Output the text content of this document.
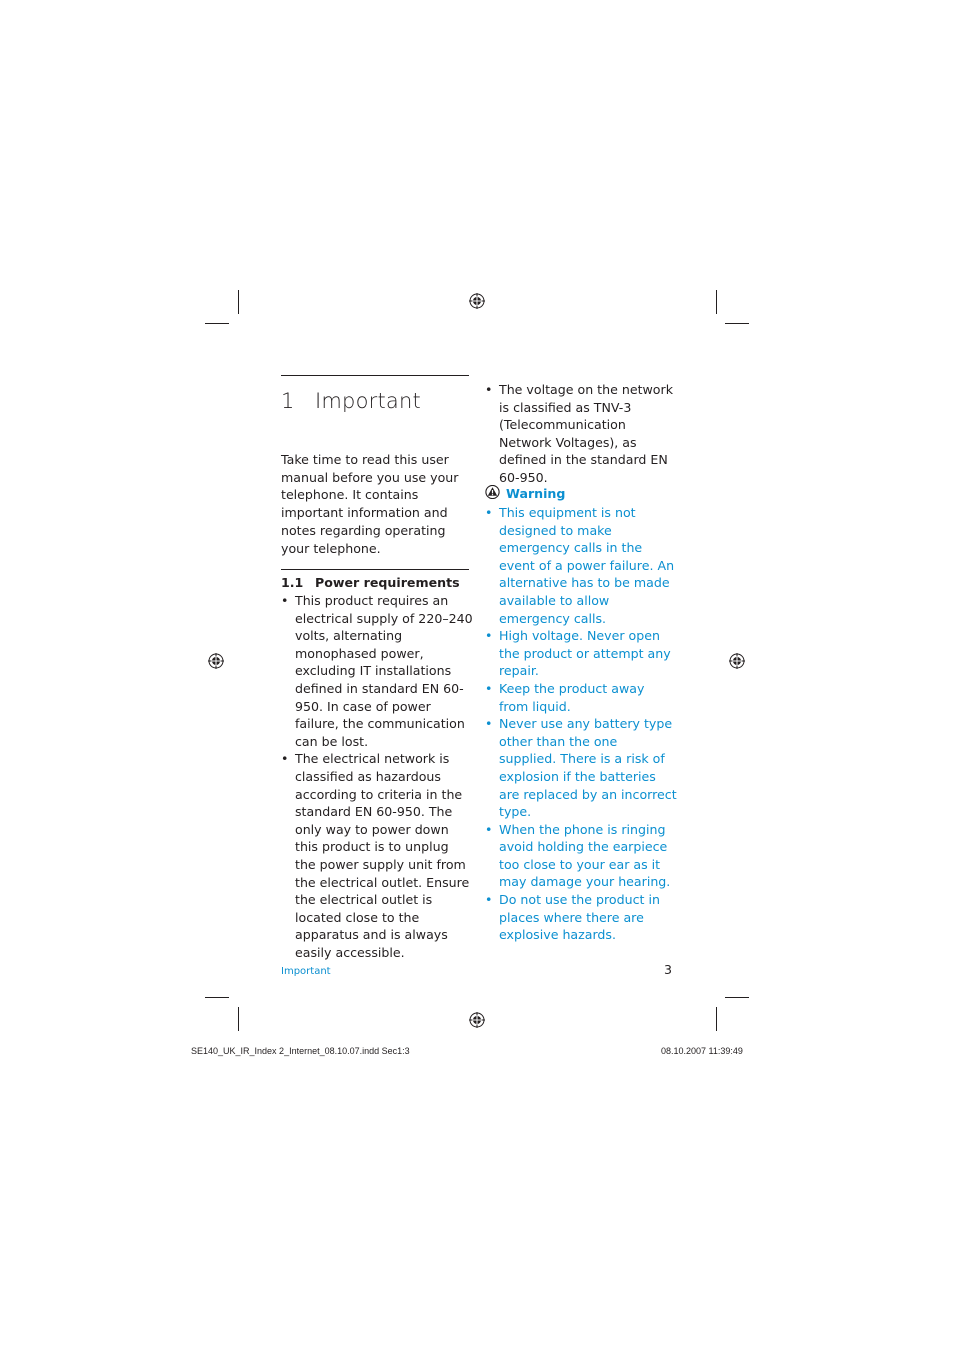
1 Important
Take time to read this user manual before you use your telephone. It contains important information and notes regarding operating your telephone.
1.1 Power requirements
• This product requires an electrical supply of 220–240 volts, alternating monophased power, excluding IT installations defined in standard EN 60-950. In case of power failure, the communication can be lost.
• The electrical network is classified as hazardous according to criteria in the standard EN 60-950. The only way to power down this product is to unplug the power supply unit from the electrical outlet. Ensure the electrical outlet is located close to the apparatus and is always easily accessible.
• The voltage on the network is classified as TNV-3 (Telecommunication Network Voltages), as defined in the standard EN 60-950.
Warning
• This equipment is not designed to make emergency calls in the event of a power failure. An alternative has to be made available to allow emergency calls.
• High voltage. Never open the product or attempt any repair.
• Keep the product away from liquid.
• Never use any battery type other than the one supplied. There is a risk of explosion if the batteries are replaced by an incorrect type.
• When the phone is ringing avoid holding the earpiece too close to your ear as it may damage your hearing.
• Do not use the product in places where there are explosive hazards.
Important	3
SE140_UK_IR_Index 2_Internet_08.10.07.indd Sec1:3	08.10.2007 11:39:49
